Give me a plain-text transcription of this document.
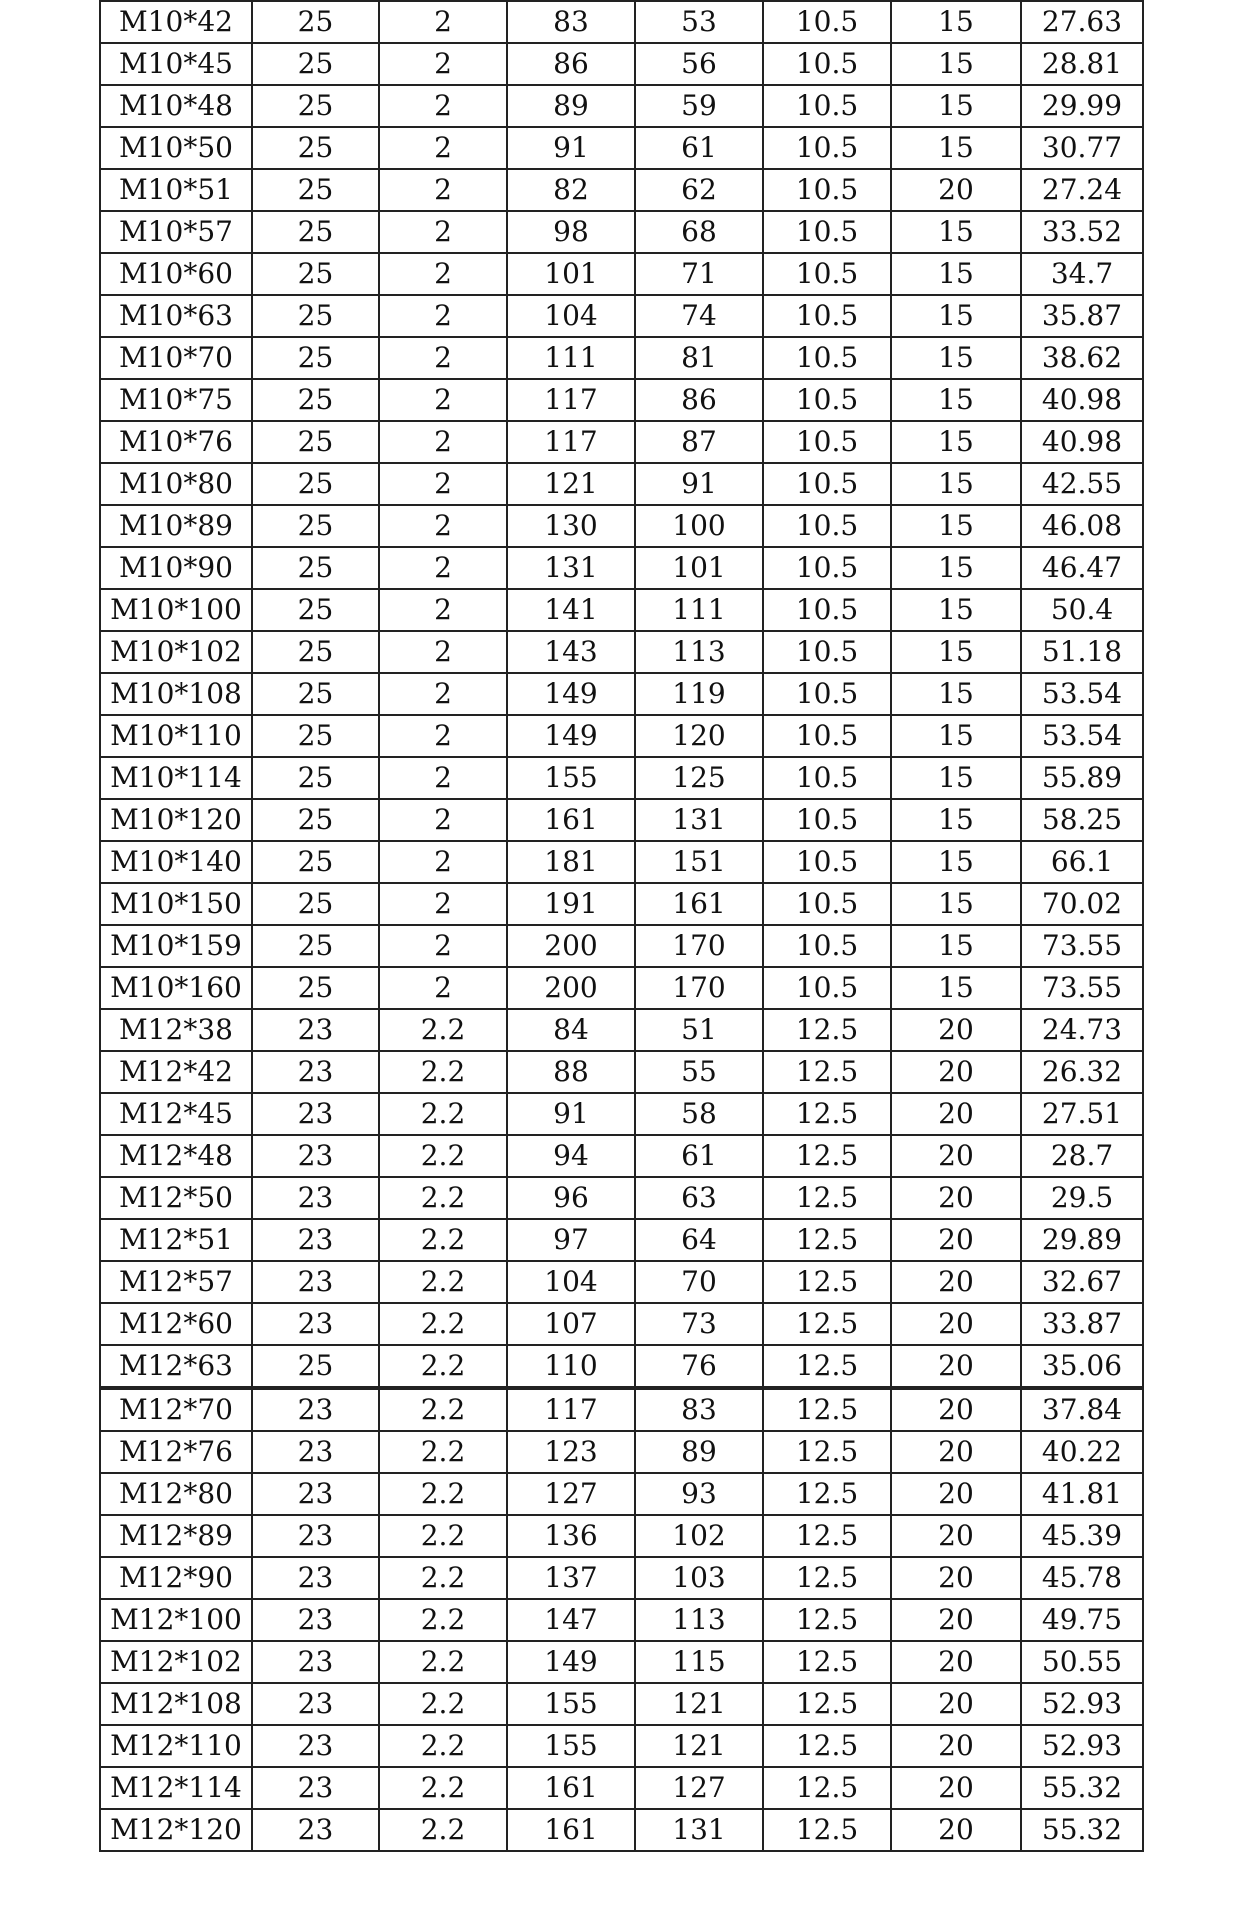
M10*42	25	2	83	53	10.5	15	27.63
M10*45	25	2	86	56	10.5	15	28.81
M10*48	25	2	89	59	10.5	15	29.99
M10*50	25	2	91	61	10.5	15	30.77
M10*51	25	2	82	62	10.5	20	27.24
M10*57	25	2	98	68	10.5	15	33.52
M10*60	25	2	101	71	10.5	15	34.7
M10*63	25	2	104	74	10.5	15	35.87
M10*70	25	2	111	81	10.5	15	38.62
M10*75	25	2	117	86	10.5	15	40.98
M10*76	25	2	117	87	10.5	15	40.98
M10*80	25	2	121	91	10.5	15	42.55
M10*89	25	2	130	100	10.5	15	46.08
M10*90	25	2	131	101	10.5	15	46.47
M10*100	25	2	141	111	10.5	15	50.4
M10*102	25	2	143	113	10.5	15	51.18
M10*108	25	2	149	119	10.5	15	53.54
M10*110	25	2	149	120	10.5	15	53.54
M10*114	25	2	155	125	10.5	15	55.89
M10*120	25	2	161	131	10.5	15	58.25
M10*140	25	2	181	151	10.5	15	66.1
M10*150	25	2	191	161	10.5	15	70.02
M10*159	25	2	200	170	10.5	15	73.55
M10*160	25	2	200	170	10.5	15	73.55
M12*38	23	2.2	84	51	12.5	20	24.73
M12*42	23	2.2	88	55	12.5	20	26.32
M12*45	23	2.2	91	58	12.5	20	27.51
M12*48	23	2.2	94	61	12.5	20	28.7
M12*50	23	2.2	96	63	12.5	20	29.5
M12*51	23	2.2	97	64	12.5	20	29.89
M12*57	23	2.2	104	70	12.5	20	32.67
M12*60	23	2.2	107	73	12.5	20	33.87
M12*63	25	2.2	110	76	12.5	20	35.06
M12*70	23	2.2	117	83	12.5	20	37.84
M12*76	23	2.2	123	89	12.5	20	40.22
M12*80	23	2.2	127	93	12.5	20	41.81
M12*89	23	2.2	136	102	12.5	20	45.39
M12*90	23	2.2	137	103	12.5	20	45.78
M12*100	23	2.2	147	113	12.5	20	49.75
M12*102	23	2.2	149	115	12.5	20	50.55
M12*108	23	2.2	155	121	12.5	20	52.93
M12*110	23	2.2	155	121	12.5	20	52.93
M12*114	23	2.2	161	127	12.5	20	55.32
M12*120	23	2.2	161	131	12.5	20	55.32
